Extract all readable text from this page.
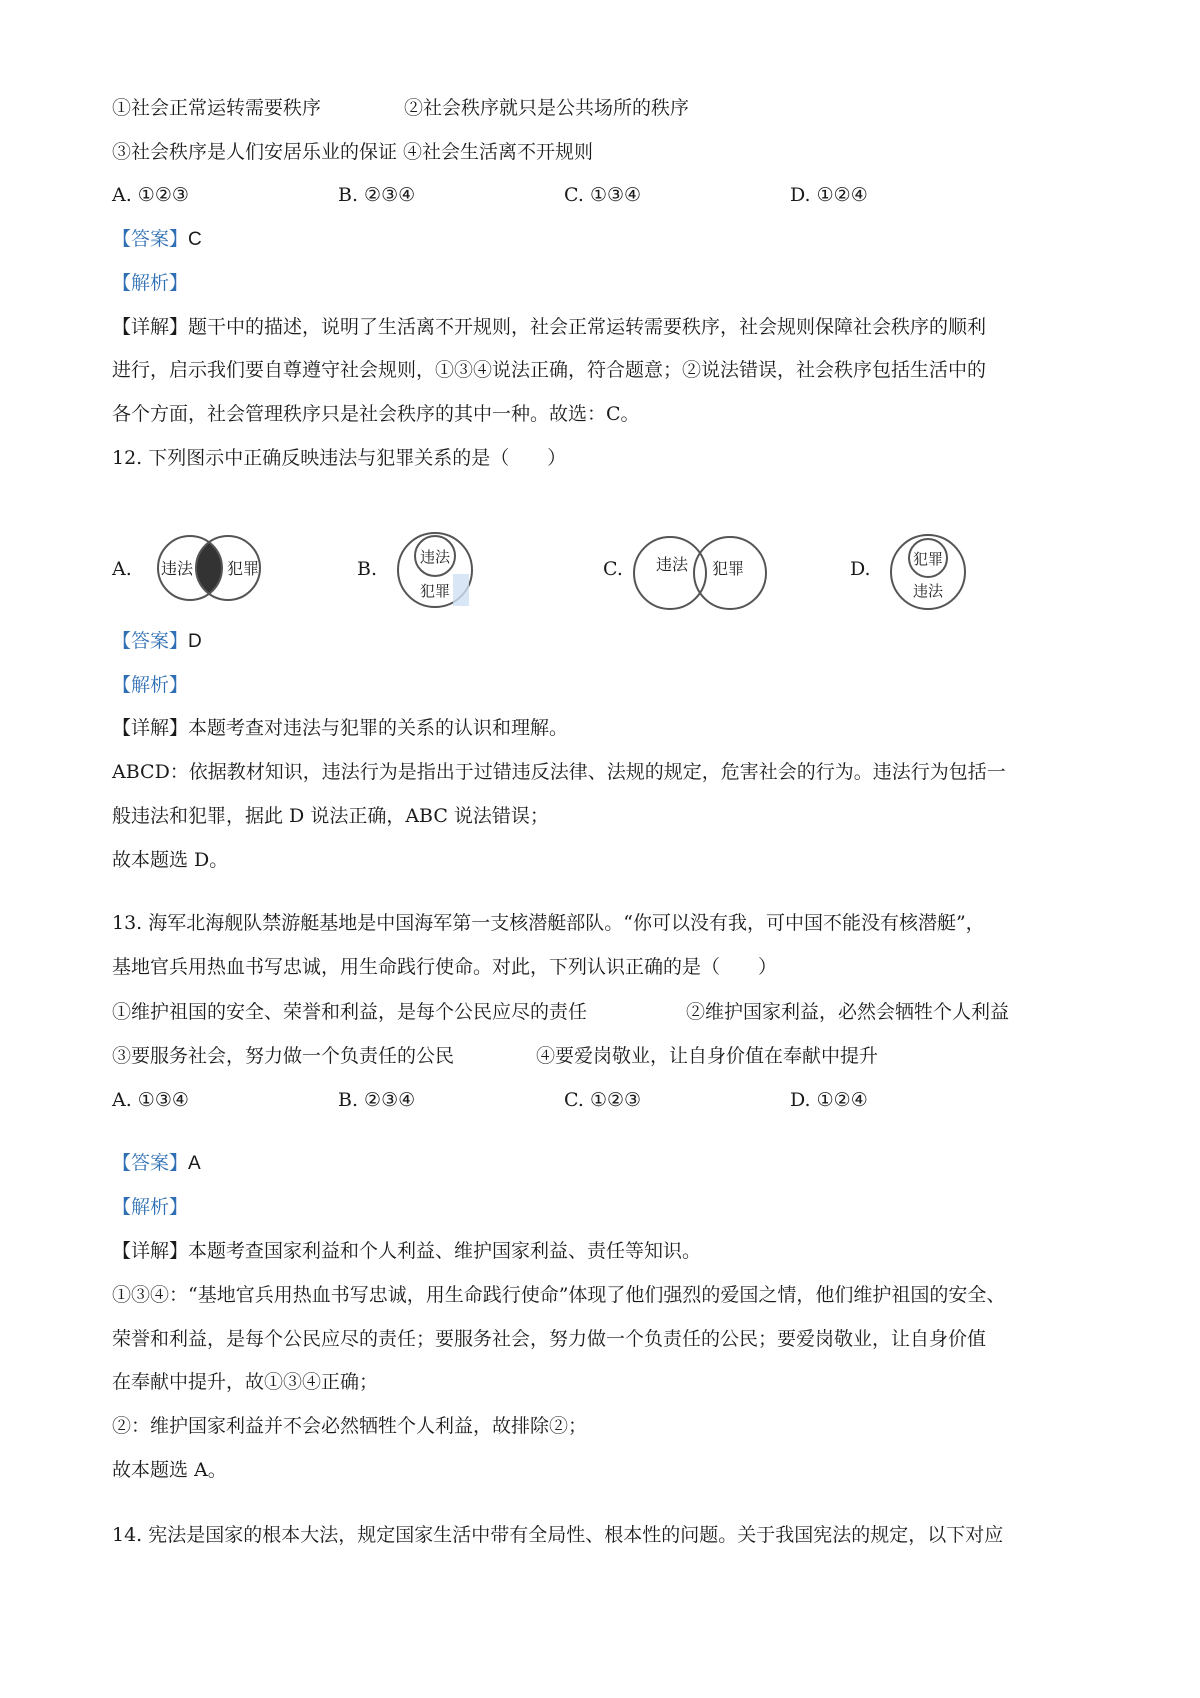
①社会正常运转需要秩序	②社会秩序就只是公共场所的秩序
③社会秩序是人们安居乐业的保证 ④社会生活离不开规则
A. ①②③	B. ②③④	C. ①③④	D. ①②④
【答案】C
【解析】
【详解】题干中的描述，说明了生活离不开规则，社会正常运转需要秩序，社会规则保障社会秩序的顺利
进行，启示我们要自尊遵守社会规则，①③④说法正确，符合题意；②说法错误，社会秩序包括生活中的
各个方面，社会管理秩序只是社会秩序的其中一种。故选：C。
12. 下列图示中正确反映违法与犯罪关系的是（　　）
A. 违法 犯罪	B.
违法
犯罪
C. 违法 犯罪	D.	犯罪
违法
【答案】D
【解析】
【详解】本题考查对违法与犯罪的关系的认识和理解。
ABCD：依据教材知识，违法行为是指出于过错违反法律、法规的规定，危害社会的行为。违法行为包括一
般违法和犯罪，据此 D 说法正确，ABC 说法错误；
故本题选 D。
13. 海军北海舰队禁游艇基地是中国海军第一支核潜艇部队。“你可以没有我，可中国不能没有核潜艇”，
基地官兵用热血书写忠诚，用生命践行使命。对此，下列认识正确的是（　　）
①维护祖国的安全、荣誉和利益，是每个公民应尽的责任	②维护国家利益，必然会牺牲个人利益
③要服务社会，努力做一个负责任的公民	④要爱岗敬业，让自身价值在奉献中提升
A. ①③④	B. ②③④	C. ①②③	D. ①②④
【答案】A
【解析】
【详解】本题考查国家利益和个人利益、维护国家利益、责任等知识。
①③④：“基地官兵用热血书写忠诚，用生命践行使命”体现了他们强烈的爱国之情，他们维护祖国的安全、
荣誉和利益，是每个公民应尽的责任；要服务社会，努力做一个负责任的公民；要爱岗敬业，让自身价值
在奉献中提升，故①③④正确；
②：维护国家利益并不会必然牺牲个人利益，故排除②；
故本题选 A。
14. 宪法是国家的根本大法，规定国家生活中带有全局性、根本性的问题。关于我国宪法的规定，以下对应
